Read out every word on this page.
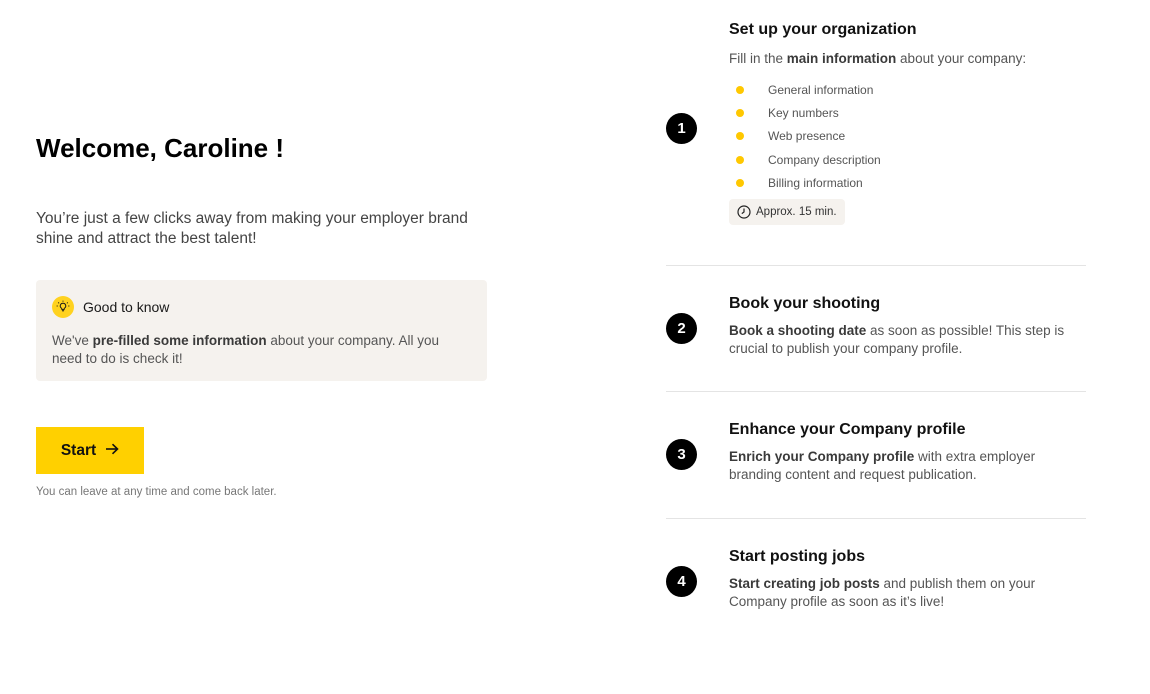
Welcome, Caroline !

You’re just a few clicks away from making your employer brand shine and attract the best talent!

Good to know

We've pre-filled some information about your company. All you need to do is check it!

Start

You can leave at any time and come back later.

1
Set up your organization

Fill in the main information about your company:

General information
Key numbers
Web presence
Company description
Billing information
Approx. 15 min.
2
Book your shooting

Book a shooting date as soon as possible! This step is crucial to publish your company profile.

3
Enhance your Company profile

Enrich your Company profile with extra employer branding content and request publication.

4
Start posting jobs

Start creating job posts and publish them on your Company profile as soon as it’s live!
